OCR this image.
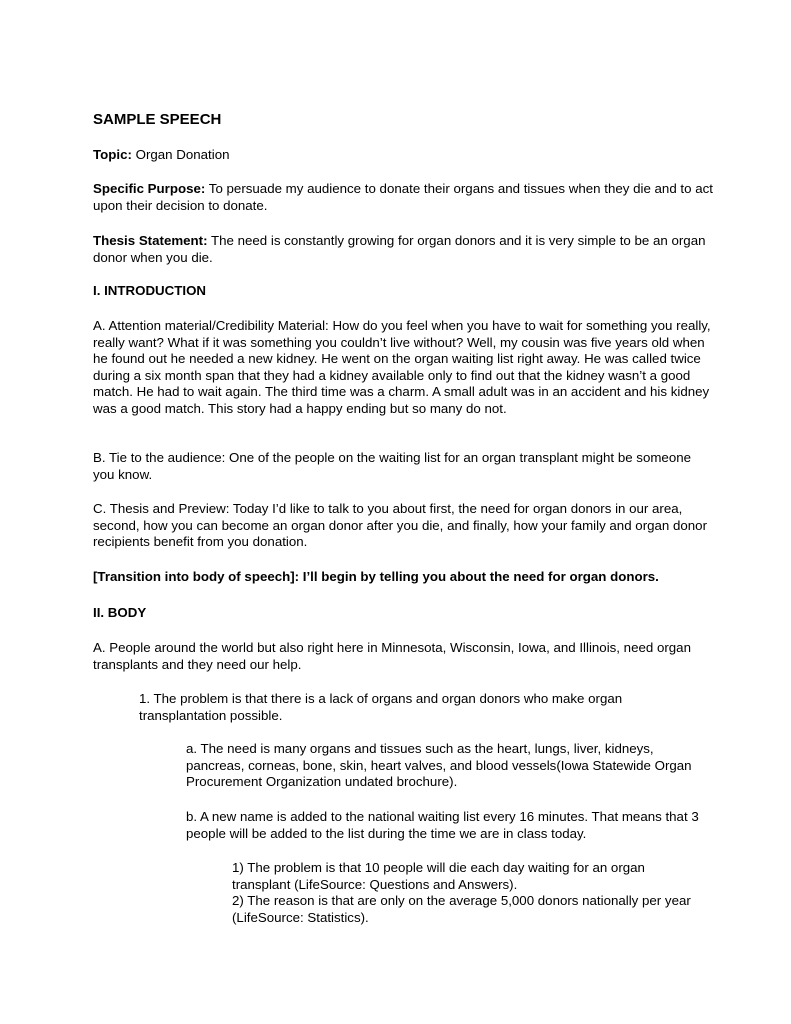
SAMPLE SPEECH

Topic: Organ Donation

Specific Purpose: To persuade my audience to donate their organs and tissues when they die and to act upon their decision to donate.

Thesis Statement: The need is constantly growing for organ donors and it is very simple to be an organ donor when you die.

I. INTRODUCTION

A. Attention material/Credibility Material: How do you feel when you have to wait for something you really, really want? What if it was something you couldn’t live without? Well, my cousin was five years old when he found out he needed a new kidney. He went on the organ waiting list right away. He was called twice during a six month span that they had a kidney available only to find out that the kidney wasn’t a good match. He had to wait again. The third time was a charm. A small adult was in an accident and his kidney was a good match. This story had a happy ending but so many do not.

B. Tie to the audience: One of the people on the waiting list for an organ transplant might be someone you know.

C. Thesis and Preview: Today I’d like to talk to you about first, the need for organ donors in our area, second, how you can become an organ donor after you die, and finally, how your family and organ donor recipients benefit from you donation.

[Transition into body of speech]: I’ll begin by telling you about the need for organ donors.

II. BODY

A. People around the world but also right here in Minnesota, Wisconsin, Iowa, and Illinois, need organ transplants and they need our help.

1. The problem is that there is a lack of organs and organ donors who make organ transplantation possible.

a. The need is many organs and tissues such as the heart, lungs, liver, kidneys, pancreas, corneas, bone, skin, heart valves, and blood vessels(Iowa Statewide Organ Procurement Organization undated brochure).

b. A new name is added to the national waiting list every 16 minutes. That means that 3 people will be added to the list during the time we are in class today.

1) The problem is that 10 people will die each day waiting for an organ transplant (LifeSource: Questions and Answers).

2) The reason is that are only on the average 5,000 donors nationally per year (LifeSource: Statistics).
